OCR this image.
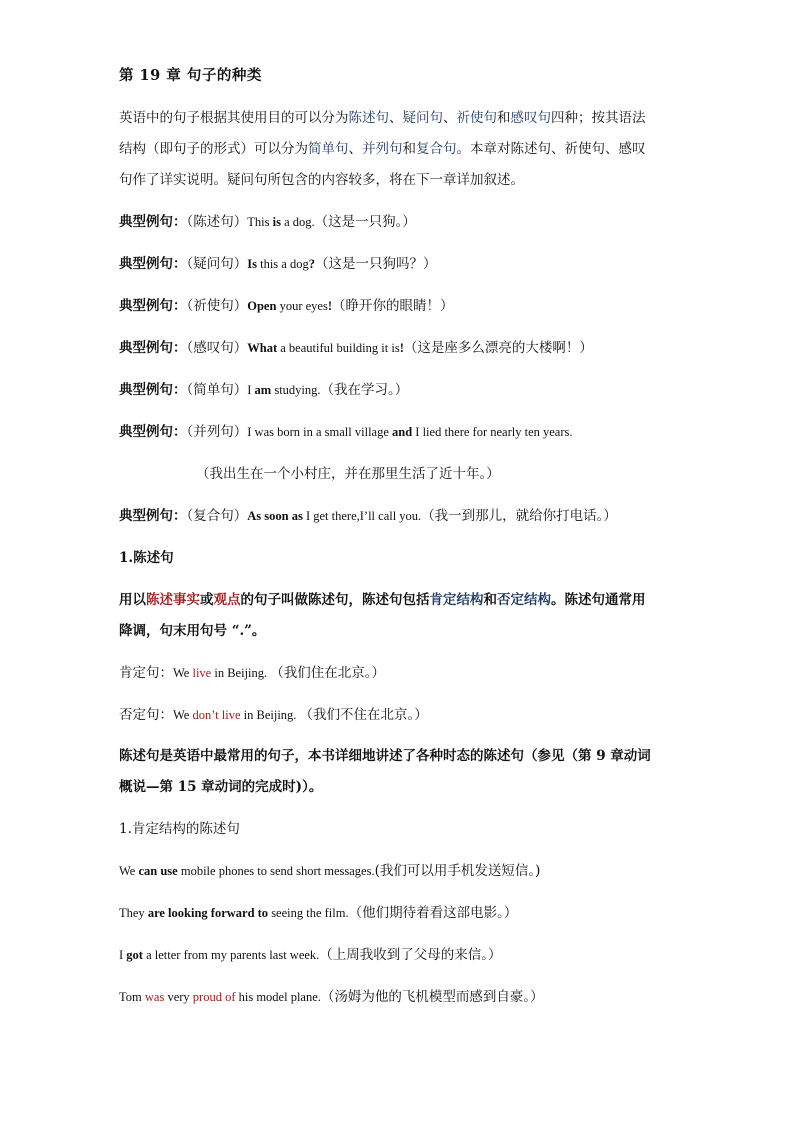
第 19 章 句子的种类
英语中的句子根据其使用目的可以分为陈述句、疑问句、祈使句和感叹句四种；按其语法
结构（即句子的形式）可以分为简单句、并列句和复合句。本章对陈述句、祈使句、感叹
句作了详实说明。疑问句所包含的内容较多，将在下一章详加叙述。
典型例句：（陈述句）This is a dog.（这是一只狗。）
典型例句：（疑问句）Is this a dog?（这是一只狗吗？）
典型例句：（祈使句）Open your eyes!（睁开你的眼睛！）
典型例句：（感叹句）What a beautiful building it is!（这是座多么漂亮的大楼啊！）
典型例句：（简单句）I am studying.（我在学习。）
典型例句：（并列句）I was born in a small village and I lied there for nearly ten years.
（我出生在一个小村庄，并在那里生活了近十年。）
典型例句：（复合句）As soon as I get there,I’ll call you.（我一到那儿，就给你打电话。）
1.陈述句
用以陈述事实或观点的句子叫做陈述句，陈述句包括肯定结构和否定结构。陈述句通常用
降调，句末用句号 “.”。
肯定句：We live in Beijing. （我们住在北京。）
否定句：We don’t live in Beijing. （我们不住在北京。）
陈述句是英语中最常用的句子，本书详细地讲述了各种时态的陈述句（参见（第 9 章动词
概说—第 15 章动词的完成时)）。
1.肯定结构的陈述句
We can use mobile phones to send short messages.(我们可以用手机发送短信。)
They are looking forward to seeing the film.（他们期待着看这部电影。）
I got a letter from my parents last week.（上周我收到了父母的来信。）
Tom was very proud of his model plane.（汤姆为他的飞机模型而感到自豪。）
